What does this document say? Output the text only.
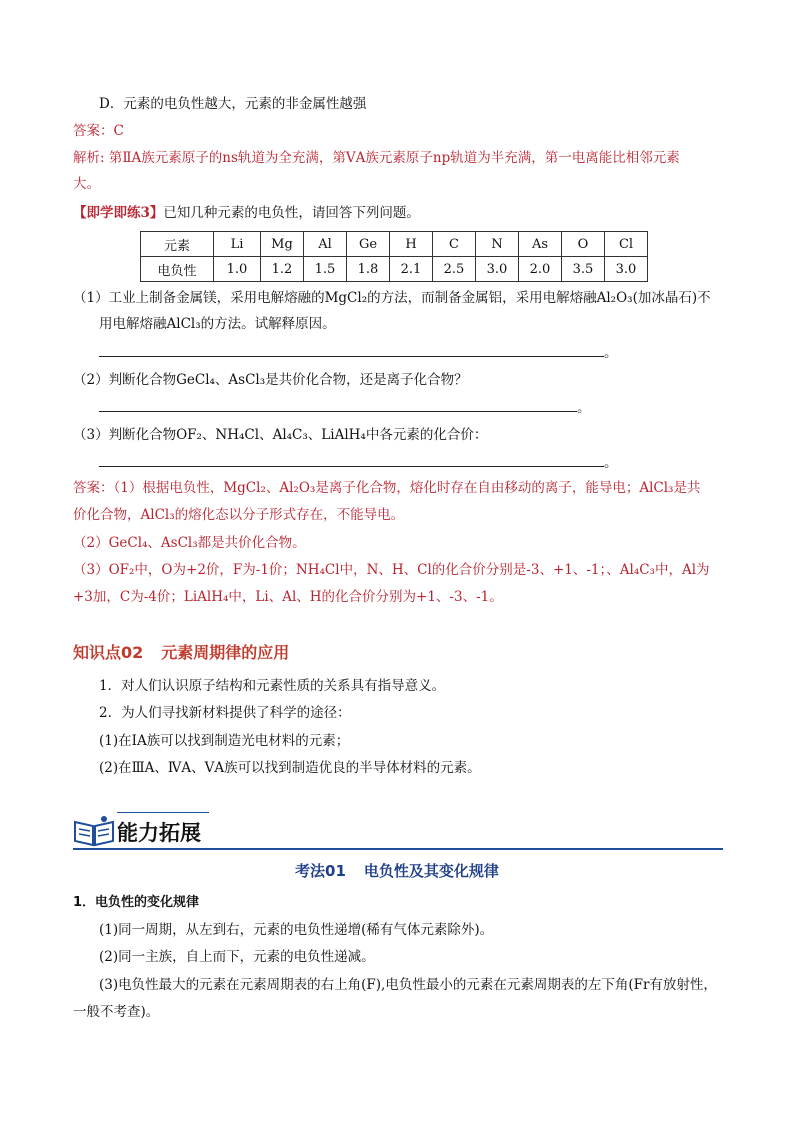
D．元素的电负性越大，元素的非金属性越强
答案：C
解析: 第ⅡA族元素原子的ns轨道为全充满，第ⅤA族元素原子np轨道为半充满，第一电离能比相邻元素
大。
【即学即练3】已知几种元素的电负性，请回答下列问题。
元素	Li	Mg	Al	Ge	H	C	N	As	O	Cl
电负性	1.0	1.2	1.5	1.8	2.1	2.5	3.0	2.0	3.5	3.0
（1）工业上制备金属镁，采用电解熔融的MgCl₂的方法，而制备金属铝，采用电解熔融Al₂O₃(加冰晶石)不
用电解熔融AlCl₃的方法。试解释原因。
。
（2）判断化合物GeCl₄、AsCl₃是共价化合物，还是离子化合物？
。
（3）判断化合物OF₂、NH₄Cl、Al₄C₃、LiAlH₄中各元素的化合价：
。
答案：（1）根据电负性，MgCl₂、Al₂O₃是离子化合物，熔化时存在自由移动的离子，能导电；AlCl₃是共
价化合物，AlCl₃的熔化态以分子形式存在，不能导电。
（2）GeCl₄、AsCl₃都是共价化合物。
（3）OF₂中，O为+2价，F为-1价；NH₄Cl中，N、H、Cl的化合价分别是-3、+1、-1；、Al₄C₃中，Al为
+3加，C为-4价；LiAlH₄中，Li、Al、H的化合价分别为+1、-3、-1。
知识点02 元素周期律的应用
1．对人们认识原子结构和元素性质的关系具有指导意义。
2．为人们寻找新材料提供了科学的途径：
(1)在ⅠA族可以找到制造光电材料的元素；
(2)在ⅢA、ⅣA、ⅤA族可以找到制造优良的半导体材料的元素。
能力拓展
考法01 电负性及其变化规律
1．电负性的变化规律
(1)同一周期，从左到右，元素的电负性递增(稀有气体元素除外)。
(2)同一主族，自上而下，元素的电负性递减。
(3)电负性最大的元素在元素周期表的右上角(F),电负性最小的元素在元素周期表的左下角(Fr有放射性，
一般不考查)。
